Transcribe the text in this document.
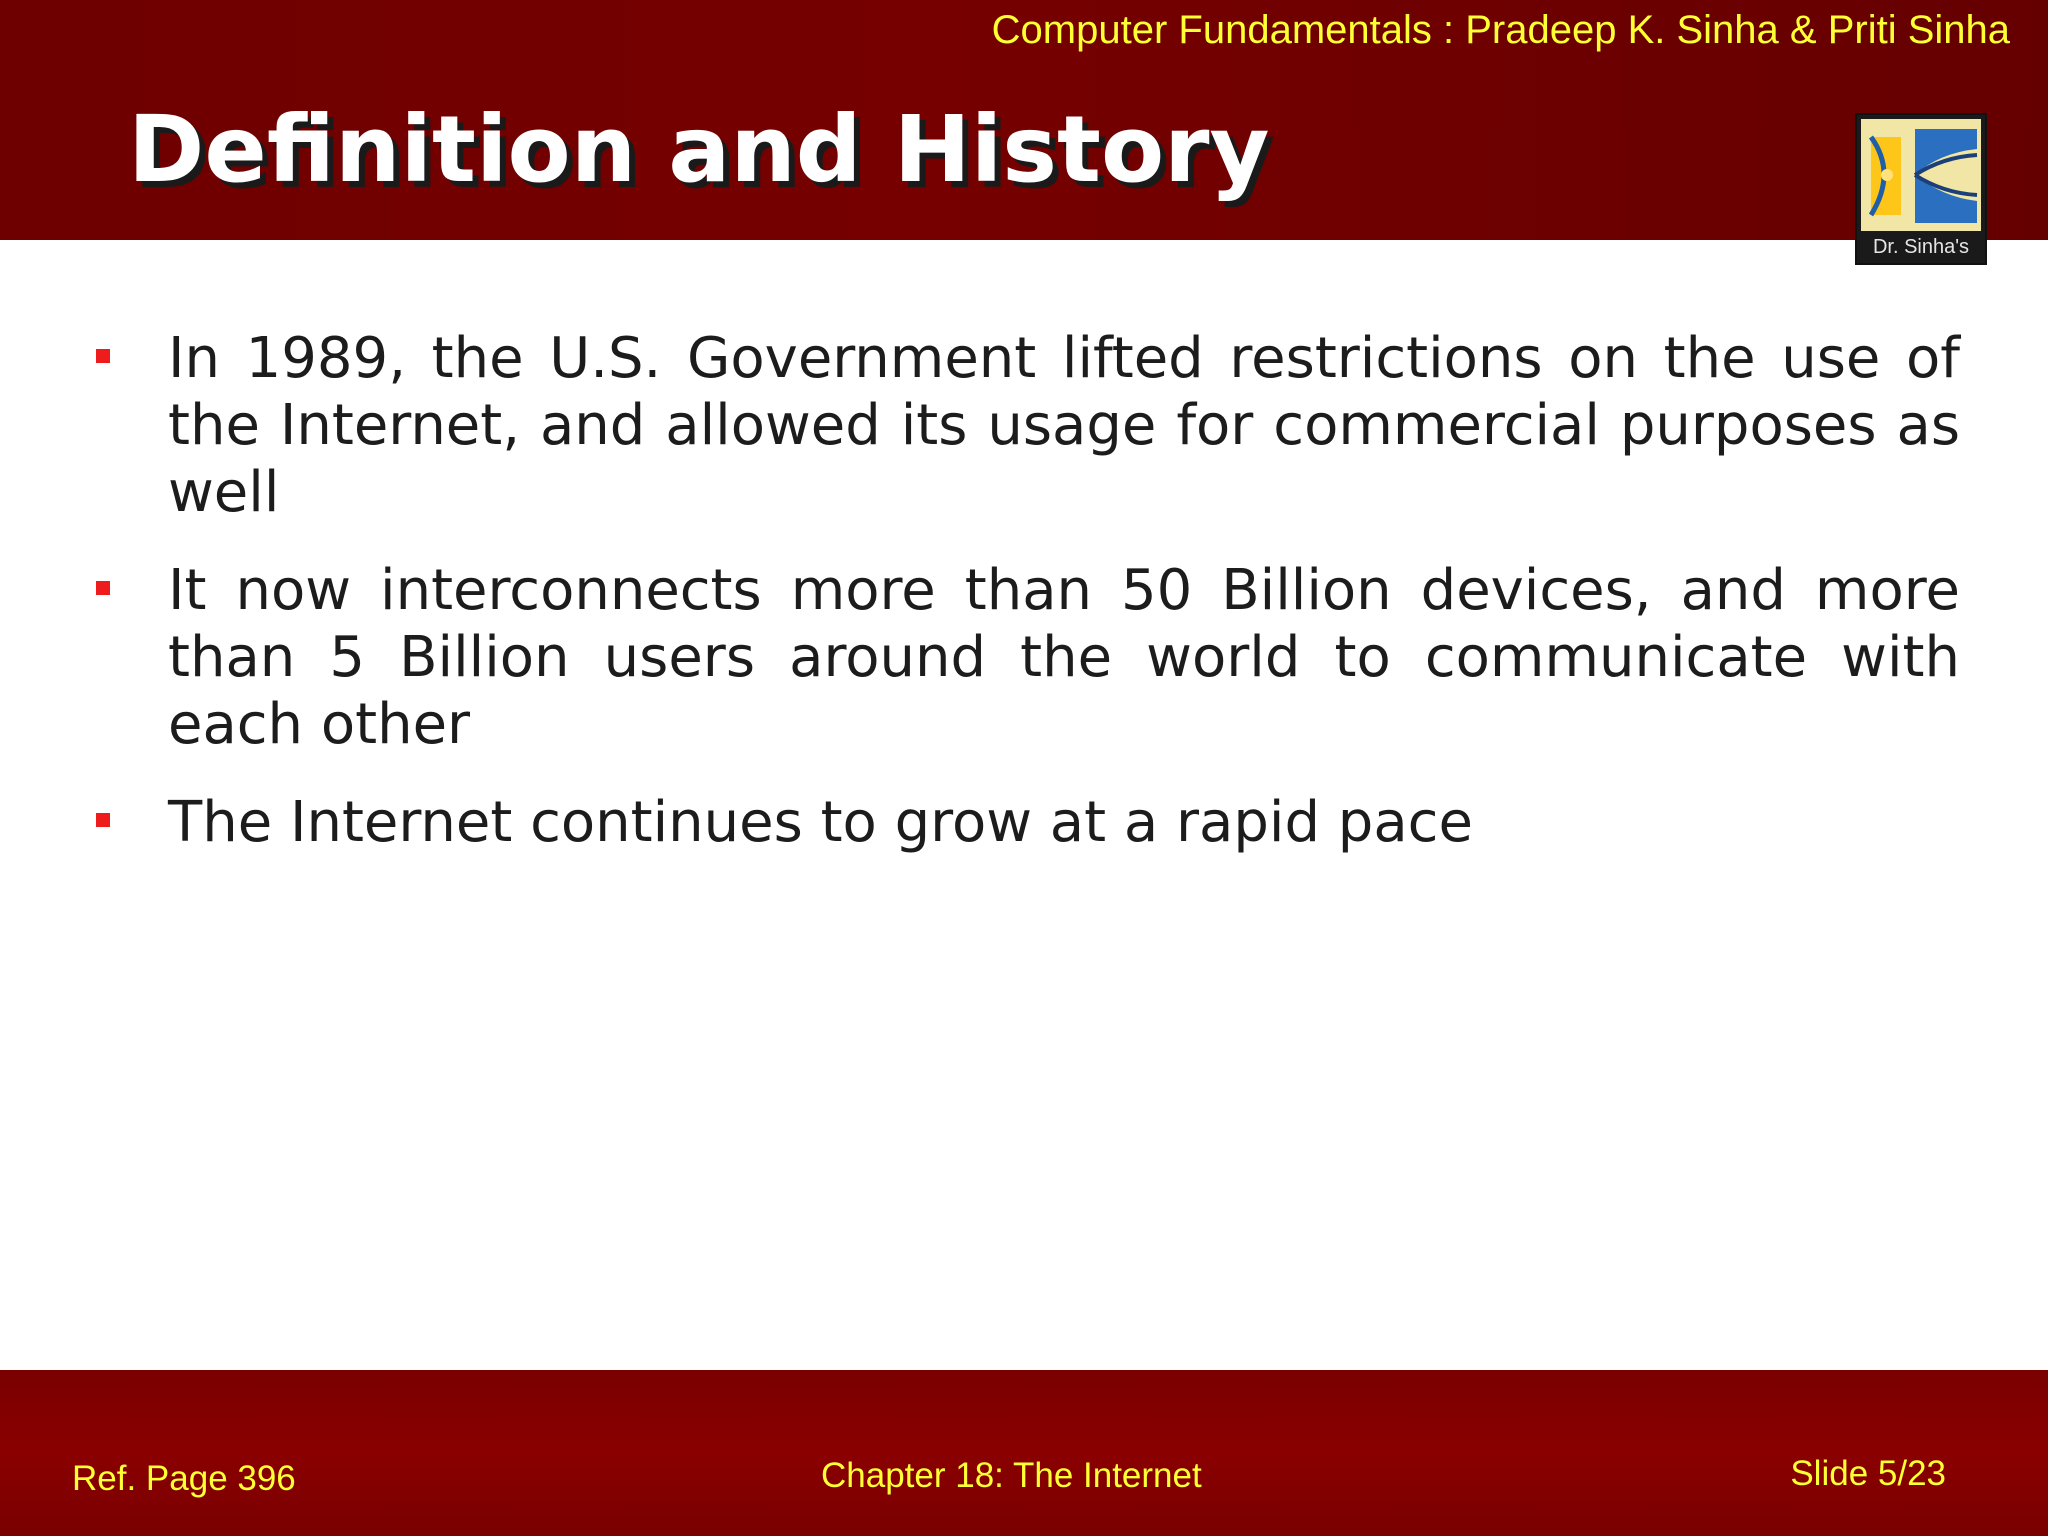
Computer Fundamentals : Pradeep K. Sinha & Priti Sinha
Definition and History
Dr. Sinha's
In 1989, the U.S. Government lifted restrictions on the use of the Internet, and allowed its usage for commercial purposes as well
It now interconnects more than 50 Billion devices, and more than 5 Billion users around the world to communicate with each other
The Internet continues to grow at a rapid pace
Ref. Page 396	Chapter 18: The Internet	Slide 5/23
